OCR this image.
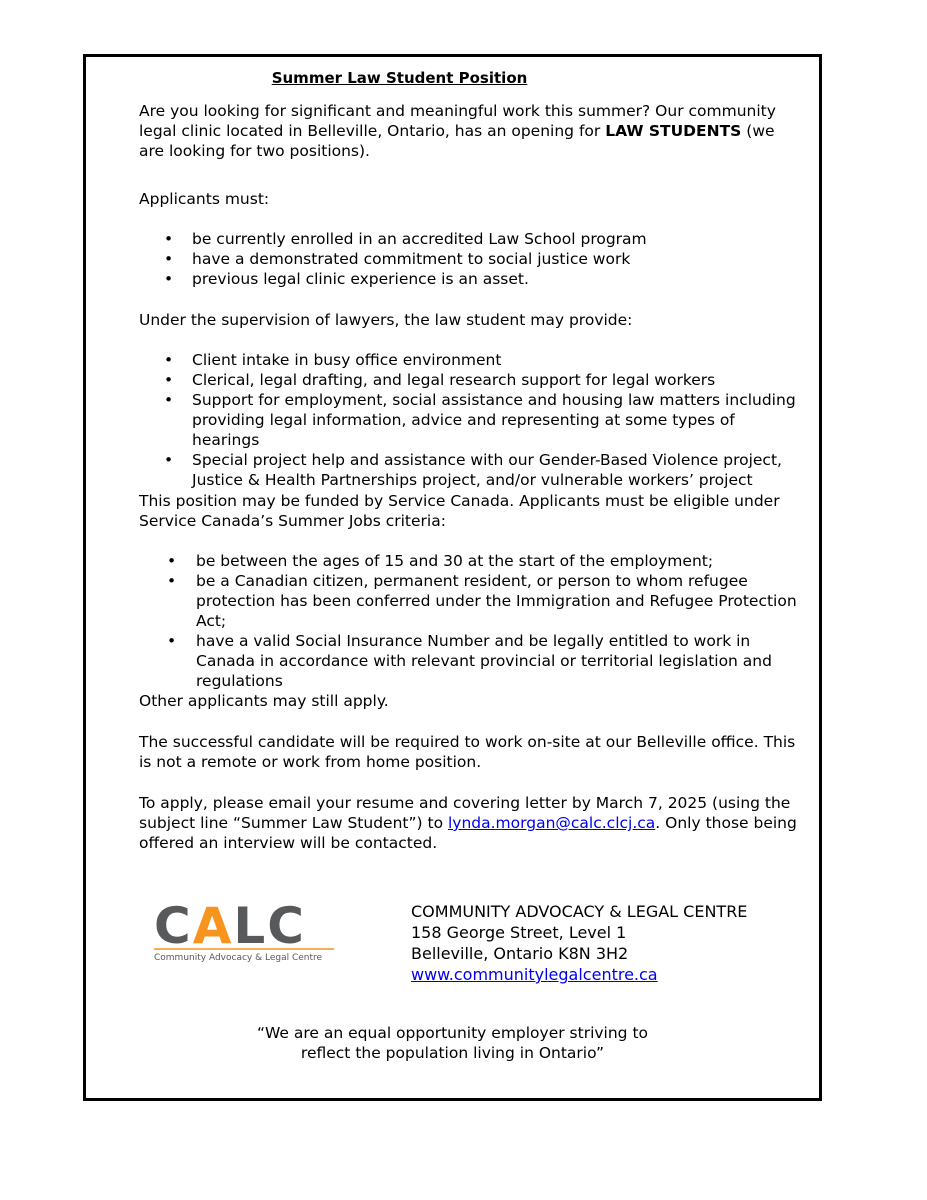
Summer Law Student Position

Are you looking for significant and meaningful work this summer? Our community legal clinic located in Belleville, Ontario, has an opening for LAW STUDENTS (we are looking for two positions).

Applicants must:

• be currently enrolled in an accredited Law School program
• have a demonstrated commitment to social justice work
• previous legal clinic experience is an asset.

Under the supervision of lawyers, the law student may provide:

• Client intake in busy office environment
• Clerical, legal drafting, and legal research support for legal workers
• Support for employment, social assistance and housing law matters including providing legal information, advice and representing at some types of hearings
• Special project help and assistance with our Gender-Based Violence project, Justice & Health Partnerships project, and/or vulnerable workers’ project

This position may be funded by Service Canada. Applicants must be eligible under Service Canada’s Summer Jobs criteria:

• be between the ages of 15 and 30 at the start of the employment;
• be a Canadian citizen, permanent resident, or person to whom refugee protection has been conferred under the Immigration and Refugee Protection Act;
• have a valid Social Insurance Number and be legally entitled to work in Canada in accordance with relevant provincial or territorial legislation and regulations

Other applicants may still apply.

The successful candidate will be required to work on-site at our Belleville office. This is not a remote or work from home position.

To apply, please email your resume and covering letter by March 7, 2025 (using the subject line “Summer Law Student”) to lynda.morgan@calc.clcj.ca. Only those being offered an interview will be contacted.

CALC
Community Advocacy & Legal Centre
COMMUNITY ADVOCACY & LEGAL CENTRE
158 George Street, Level 1
Belleville, Ontario K8N 3H2
www.communitylegalcentre.ca
“We are an equal opportunity employer striving to
reflect the population living in Ontario”
